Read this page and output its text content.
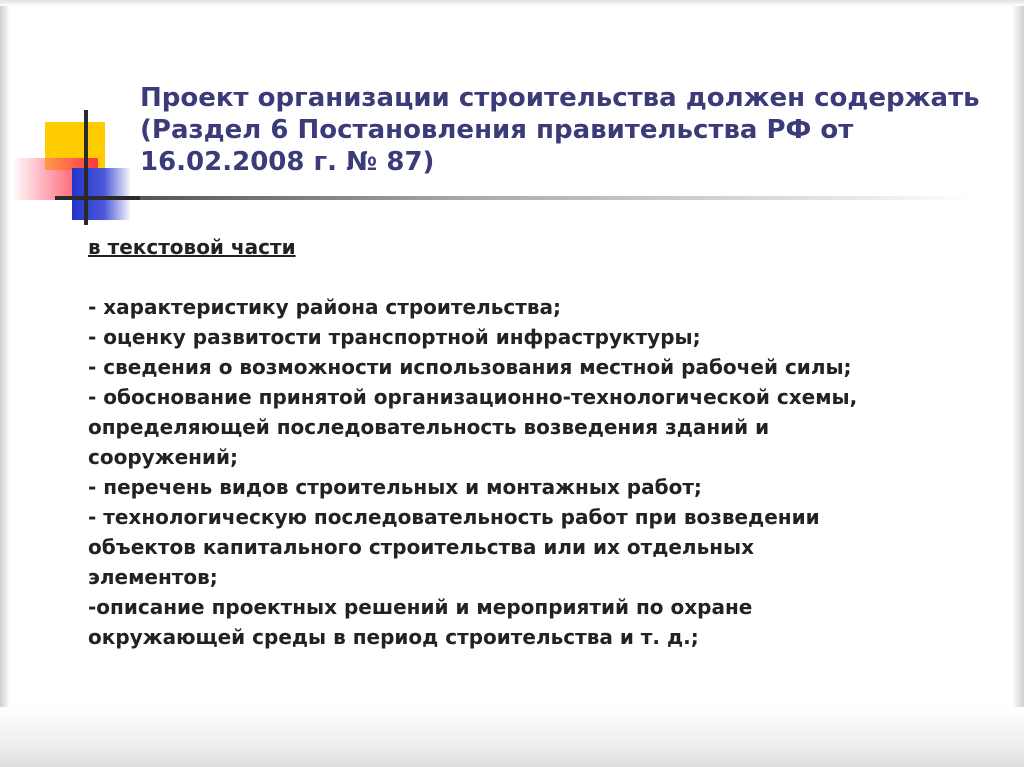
Проект организации строительства должен содержать
(Раздел 6 Постановления правительства РФ от
16.02.2008 г. № 87)
в текстовой части
- характеристику района строительства;
- оценку развитости транспортной инфраструктуры;
- сведения о возможности использования местной рабочей силы;
- обоснование принятой организационно-технологической схемы,
определяющей последовательность возведения зданий и
сооружений;
- перечень видов строительных и монтажных работ;
- технологическую последовательность работ при возведении
объектов капитального строительства или их отдельных
элементов;
-описание проектных решений и мероприятий по охране
окружающей среды в период строительства и т. д.;
